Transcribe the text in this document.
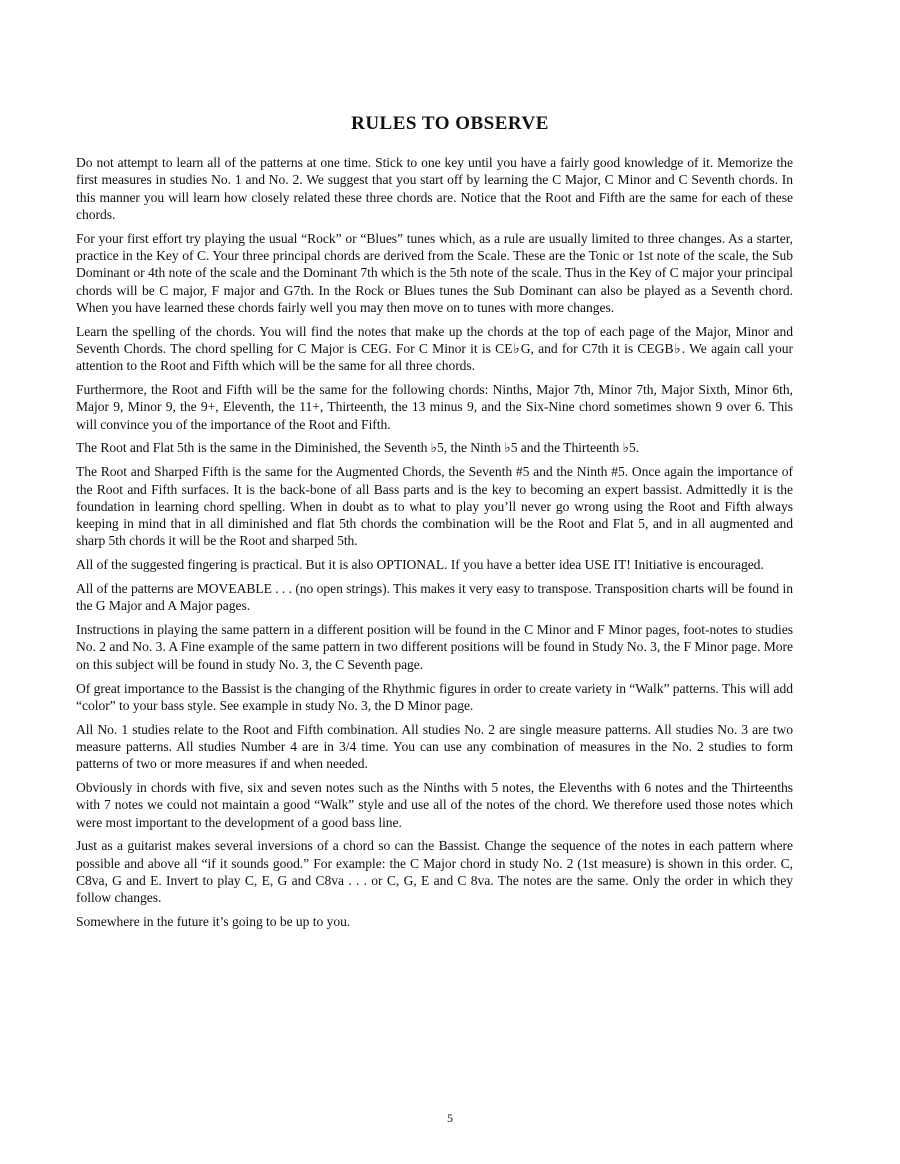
RULES TO OBSERVE

Do not attempt to learn all of the patterns at one time. Stick to one key until you have a fairly good knowledge of it. Memorize the first measures in studies No. 1 and No. 2. We suggest that you start off by learning the C Major, C Minor and C Seventh chords. In this manner you will learn how closely related these three chords are. Notice that the Root and Fifth are the same for each of these chords.

For your first effort try playing the usual “Rock” or “Blues” tunes which, as a rule are usually limited to three changes. As a starter, practice in the Key of C. Your three principal chords are derived from the Scale. These are the Tonic or 1st note of the scale, the Sub Dominant or 4th note of the scale and the Dominant 7th which is the 5th note of the scale. Thus in the Key of C major your principal chords will be C major, F major and G7th. In the Rock or Blues tunes the Sub Dominant can also be played as a Seventh chord. When you have learned these chords fairly well you may then move on to tunes with more changes.

Learn the spelling of the chords. You will find the notes that make up the chords at the top of each page of the Major, Minor and Seventh Chords. The chord spelling for C Major is CEG. For C Minor it is CE♭G, and for C7th it is CEGB♭. We again call your attention to the Root and Fifth which will be the same for all three chords.

Furthermore, the Root and Fifth will be the same for the following chords: Ninths, Major 7th, Minor 7th, Major Sixth, Minor 6th, Major 9, Minor 9, the 9+, Eleventh, the 11+, Thirteenth, the 13 minus 9, and the Six-Nine chord sometimes shown 9 over 6. This will convince you of the importance of the Root and Fifth.

The Root and Flat 5th is the same in the Diminished, the Seventh ♭5, the Ninth ♭5 and the Thirteenth ♭5.

The Root and Sharped Fifth is the same for the Augmented Chords, the Seventh #5 and the Ninth #5. Once again the importance of the Root and Fifth surfaces. It is the back-bone of all Bass parts and is the key to becoming an expert bassist. Admittedly it is the foundation in learning chord spelling. When in doubt as to what to play you’ll never go wrong using the Root and Fifth always keeping in mind that in all diminished and flat 5th chords the combination will be the Root and Flat 5, and in all augmented and sharp 5th chords it will be the Root and sharped 5th.

All of the suggested fingering is practical. But it is also OPTIONAL. If you have a better idea USE IT! Initiative is encouraged.

All of the patterns are MOVEABLE . . . (no open strings). This makes it very easy to transpose. Transposition charts will be found in the G Major and A Major pages.

Instructions in playing the same pattern in a different position will be found in the C Minor and F Minor pages, foot-notes to studies No. 2 and No. 3. A Fine example of the same pattern in two different positions will be found in Study No. 3, the F Minor page. More on this subject will be found in study No. 3, the C Seventh page.

Of great importance to the Bassist is the changing of the Rhythmic figures in order to create variety in “Walk” patterns. This will add “color” to your bass style. See example in study No. 3, the D Minor page.

All No. 1 studies relate to the Root and Fifth combination. All studies No. 2 are single measure patterns. All studies No. 3 are two measure patterns. All studies Number 4 are in 3/4 time. You can use any combination of measures in the No. 2 studies to form patterns of two or more measures if and when needed.

Obviously in chords with five, six and seven notes such as the Ninths with 5 notes, the Elevenths with 6 notes and the Thirteenths with 7 notes we could not maintain a good “Walk” style and use all of the notes of the chord. We therefore used those notes which were most important to the development of a good bass line.

Just as a guitarist makes several inversions of a chord so can the Bassist. Change the sequence of the notes in each pattern where possible and above all “if it sounds good.” For example: the C Major chord in study No. 2 (1st measure) is shown in this order. C, C8va, G and E. Invert to play C, E, G and C8va . . . or C, G, E and C 8va. The notes are the same. Only the order in which they follow changes.

Somewhere in the future it’s going to be up to you.

5
